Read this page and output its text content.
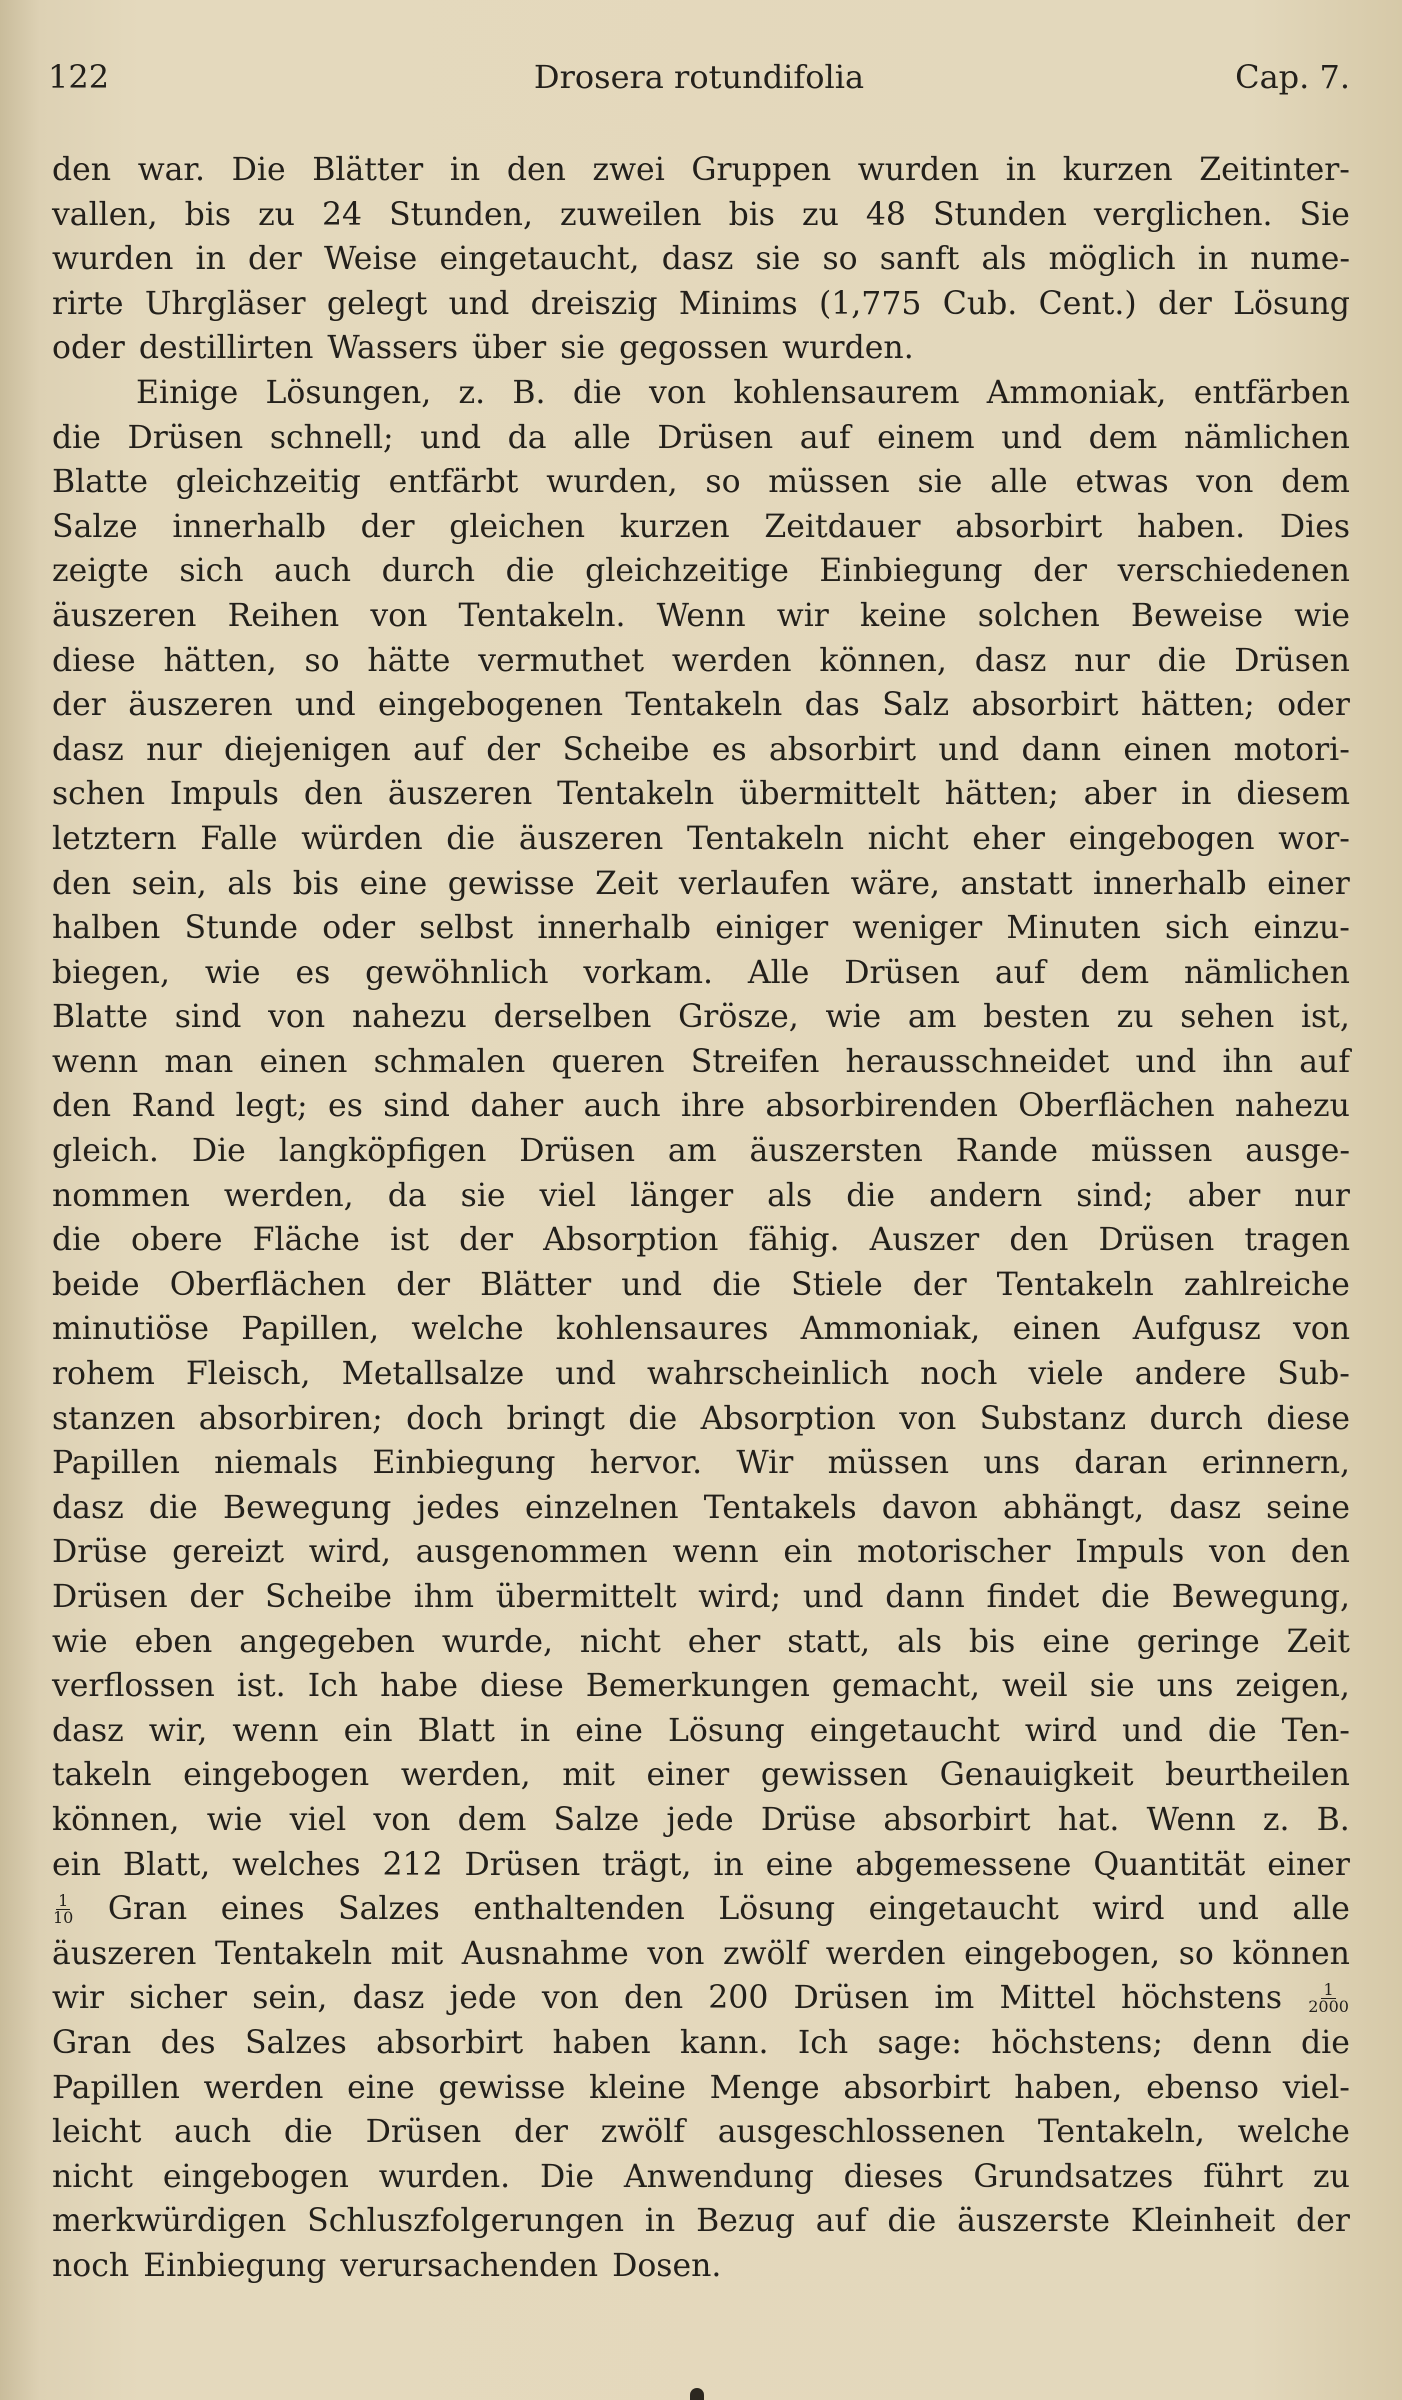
122	Drosera rotundifolia	Cap. 7.
den war. Die Blätter in den zwei Gruppen wurden in kurzen Zeitinter-
vallen, bis zu 24 Stunden, zuweilen bis zu 48 Stunden verglichen. Sie
wurden in der Weise eingetaucht, dasz sie so sanft als möglich in nume-
rirte Uhrgläser gelegt und dreiszig Minims (1,775 Cub. Cent.) der Lösung
oder destillirten Wassers über sie gegossen wurden.
Einige Lösungen, z. B. die von kohlensaurem Ammoniak, entfärben
die Drüsen schnell; und da alle Drüsen auf einem und dem nämlichen
Blatte gleichzeitig entfärbt wurden, so müssen sie alle etwas von dem
Salze innerhalb der gleichen kurzen Zeitdauer absorbirt haben. Dies
zeigte sich auch durch die gleichzeitige Einbiegung der verschiedenen
äuszeren Reihen von Tentakeln. Wenn wir keine solchen Beweise wie
diese hätten, so hätte vermuthet werden können, dasz nur die Drüsen
der äuszeren und eingebogenen Tentakeln das Salz absorbirt hätten; oder
dasz nur diejenigen auf der Scheibe es absorbirt und dann einen motori-
schen Impuls den äuszeren Tentakeln übermittelt hätten; aber in diesem
letztern Falle würden die äuszeren Tentakeln nicht eher eingebogen wor-
den sein, als bis eine gewisse Zeit verlaufen wäre, anstatt innerhalb einer
halben Stunde oder selbst innerhalb einiger weniger Minuten sich einzu-
biegen, wie es gewöhnlich vorkam. Alle Drüsen auf dem nämlichen
Blatte sind von nahezu derselben Grösze, wie am besten zu sehen ist,
wenn man einen schmalen queren Streifen herausschneidet und ihn auf
den Rand legt; es sind daher auch ihre absorbirenden Oberflächen nahezu
gleich. Die langköpfigen Drüsen am äuszersten Rande müssen ausge-
nommen werden, da sie viel länger als die andern sind; aber nur
die obere Fläche ist der Absorption fähig. Auszer den Drüsen tragen
beide Oberflächen der Blätter und die Stiele der Tentakeln zahlreiche
minutiöse Papillen, welche kohlensaures Ammoniak, einen Aufgusz von
rohem Fleisch, Metallsalze und wahrscheinlich noch viele andere Sub-
stanzen absorbiren; doch bringt die Absorption von Substanz durch diese
Papillen niemals Einbiegung hervor. Wir müssen uns daran erinnern,
dasz die Bewegung jedes einzelnen Tentakels davon abhängt, dasz seine
Drüse gereizt wird, ausgenommen wenn ein motorischer Impuls von den
Drüsen der Scheibe ihm übermittelt wird; und dann findet die Bewegung,
wie eben angegeben wurde, nicht eher statt, als bis eine geringe Zeit
verflossen ist. Ich habe diese Bemerkungen gemacht, weil sie uns zeigen,
dasz wir, wenn ein Blatt in eine Lösung eingetaucht wird und die Ten-
takeln eingebogen werden, mit einer gewissen Genauigkeit beurtheilen
können, wie viel von dem Salze jede Drüse absorbirt hat. Wenn z. B.
ein Blatt, welches 212 Drüsen trägt, in eine abgemessene Quantität einer
$\frac{1}{10}$ Gran eines Salzes enthaltenden Lösung eingetaucht wird und alle
äuszeren Tentakeln mit Ausnahme von zwölf werden eingebogen, so können
wir sicher sein, dasz jede von den 200 Drüsen im Mittel höchstens $\frac{1}{2000}$
Gran des Salzes absorbirt haben kann. Ich sage: höchstens; denn die
Papillen werden eine gewisse kleine Menge absorbirt haben, ebenso viel-
leicht auch die Drüsen der zwölf ausgeschlossenen Tentakeln, welche
nicht eingebogen wurden. Die Anwendung dieses Grundsatzes führt zu
merkwürdigen Schluszfolgerungen in Bezug auf die äuszerste Kleinheit der
noch Einbiegung verursachenden Dosen.
